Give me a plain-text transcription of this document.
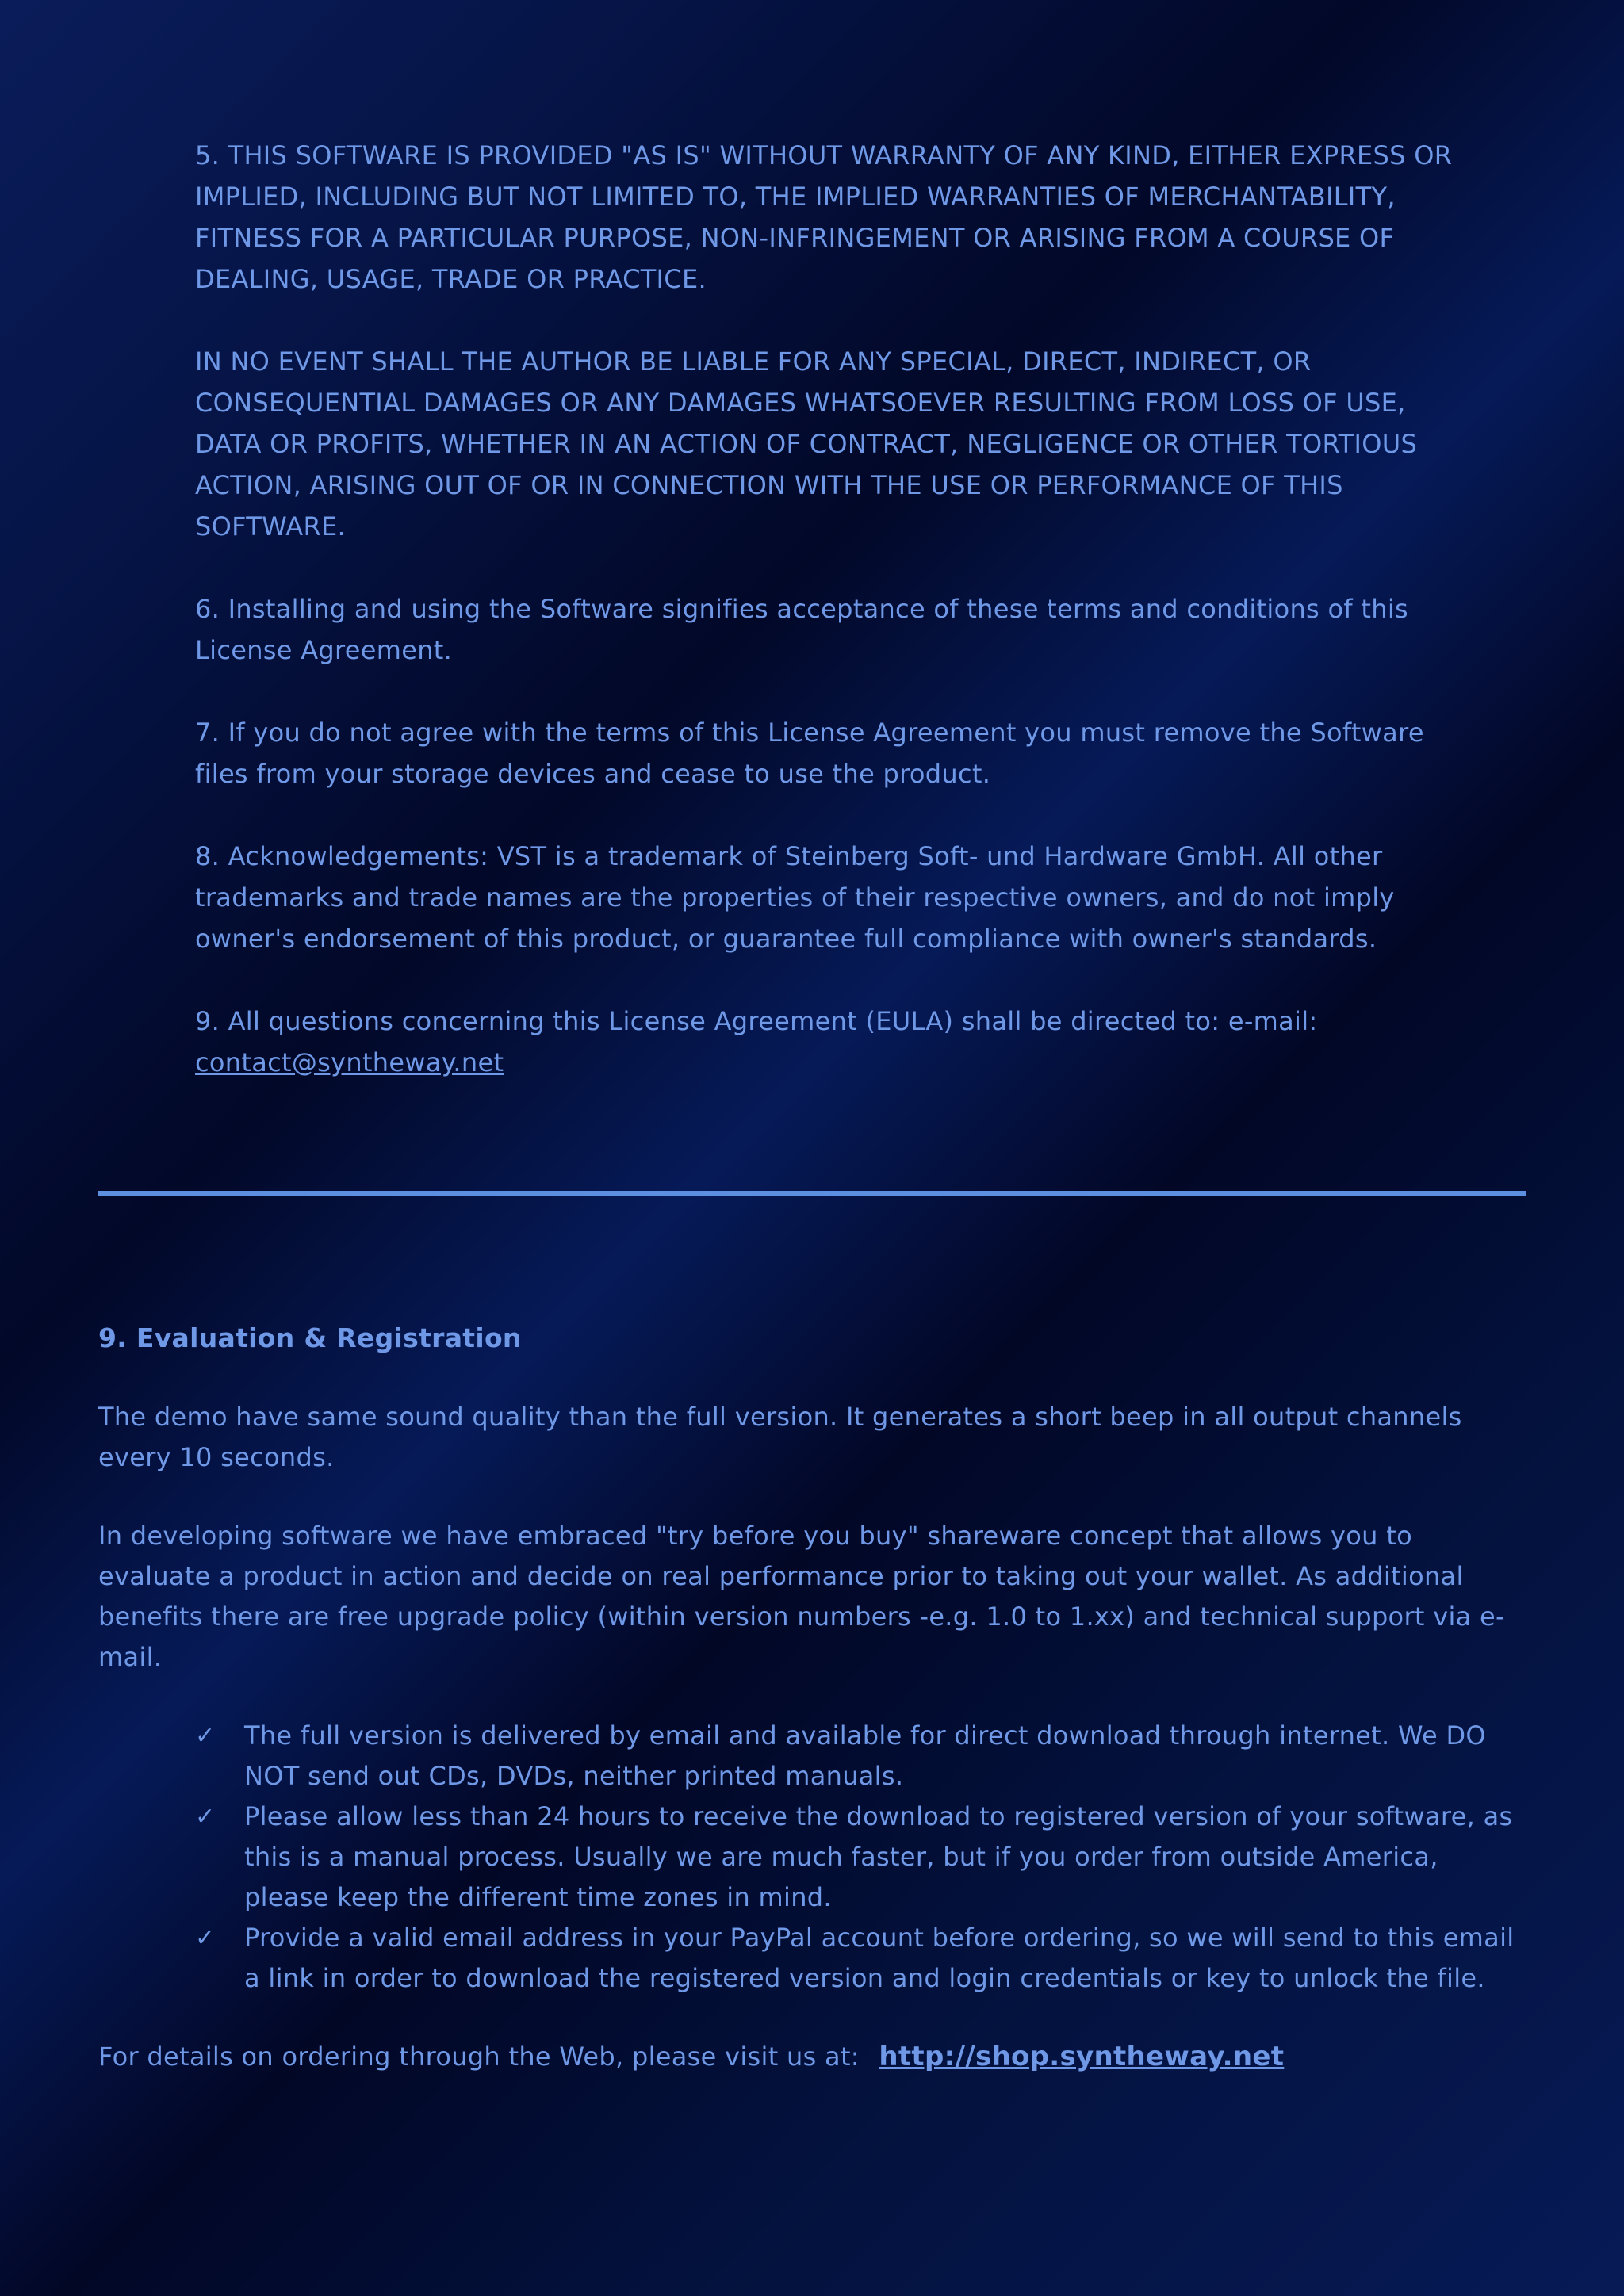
5. THIS SOFTWARE IS PROVIDED "AS IS" WITHOUT WARRANTY OF ANY KIND, EITHER EXPRESS OR IMPLIED, INCLUDING BUT NOT LIMITED TO, THE IMPLIED WARRANTIES OF MERCHANTABILITY, FITNESS FOR A PARTICULAR PURPOSE, NON-INFRINGEMENT OR ARISING FROM A COURSE OF DEALING, USAGE, TRADE OR PRACTICE.

IN NO EVENT SHALL THE AUTHOR BE LIABLE FOR ANY SPECIAL, DIRECT, INDIRECT, OR CONSEQUENTIAL DAMAGES OR ANY DAMAGES WHATSOEVER RESULTING FROM LOSS OF USE, DATA OR PROFITS, WHETHER IN AN ACTION OF CONTRACT, NEGLIGENCE OR OTHER TORTIOUS ACTION, ARISING OUT OF OR IN CONNECTION WITH THE USE OR PERFORMANCE OF THIS SOFTWARE.

6. Installing and using the Software signifies acceptance of these terms and conditions of this License Agreement.

7. If you do not agree with the terms of this License Agreement you must remove the Software files from your storage devices and cease to use the product.

8. Acknowledgements: VST is a trademark of Steinberg Soft- und Hardware GmbH. All other trademarks and trade names are the properties of their respective owners, and do not imply owner's endorsement of this product, or guarantee full compliance with owner's standards.

9. All questions concerning this License Agreement (EULA) shall be directed to: e-mail:
contact@syntheway.net

9. Evaluation & Registration

The demo have same sound quality than the full version. It generates a short beep in all output channels every 10 seconds.

In developing software we have embraced "try before you buy" shareware concept that allows you to evaluate a product in action and decide on real performance prior to taking out your wallet. As additional benefits there are free upgrade policy (within version numbers -e.g. 1.0 to 1.xx) and technical support via e-mail.

✓ The full version is delivered by email and available for direct download through internet. We DO NOT send out CDs, DVDs, neither printed manuals.
✓ Please allow less than 24 hours to receive the download to registered version of your software, as this is a manual process. Usually we are much faster, but if you order from outside America, please keep the different time zones in mind.
✓ Provide a valid email address in your PayPal account before ordering, so we will send to this email a link in order to download the registered version and login credentials or key to unlock the file.

For details on ordering through the Web, please visit us at: http://shop.syntheway.net
